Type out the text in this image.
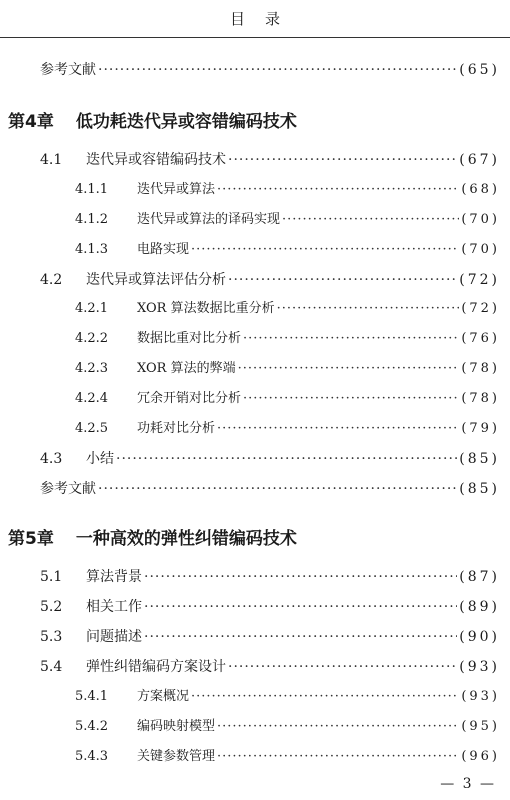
目录
参考文献 ·····	(65)
第4章 低功耗迭代异或容错编码技术
4.1	迭代异或容错编码技术 ·····	(67)
4.1.1	迭代异或算法 ·····	(68)
4.1.2	迭代异或算法的译码实现 ·····	(70)
4.1.3	电路实现 ·····	(70)
4.2	迭代异或算法评估分析 ·····	(72)
4.2.1	XOR 算法数据比重分析 ·····	(72)
4.2.2	数据比重对比分析 ·····	(76)
4.2.3	XOR 算法的弊端 ·····	(78)
4.2.4	冗余开销对比分析 ·····	(78)
4.2.5	功耗对比分析 ·····	(79)
4.3	小结 ·····	(85)
参考文献 ·····	(85)
第5章 一种高效的弹性纠错编码技术
5.1	算法背景 ·····	(87)
5.2	相关工作 ·····	(89)
5.3	问题描述 ·····	(90)
5.4	弹性纠错编码方案设计 ·····	(93)
5.4.1	方案概况 ·····	(93)
5.4.2	编码映射模型 ·····	(95)
5.4.3	关键参数管理 ·····	(96)
— 3 —
